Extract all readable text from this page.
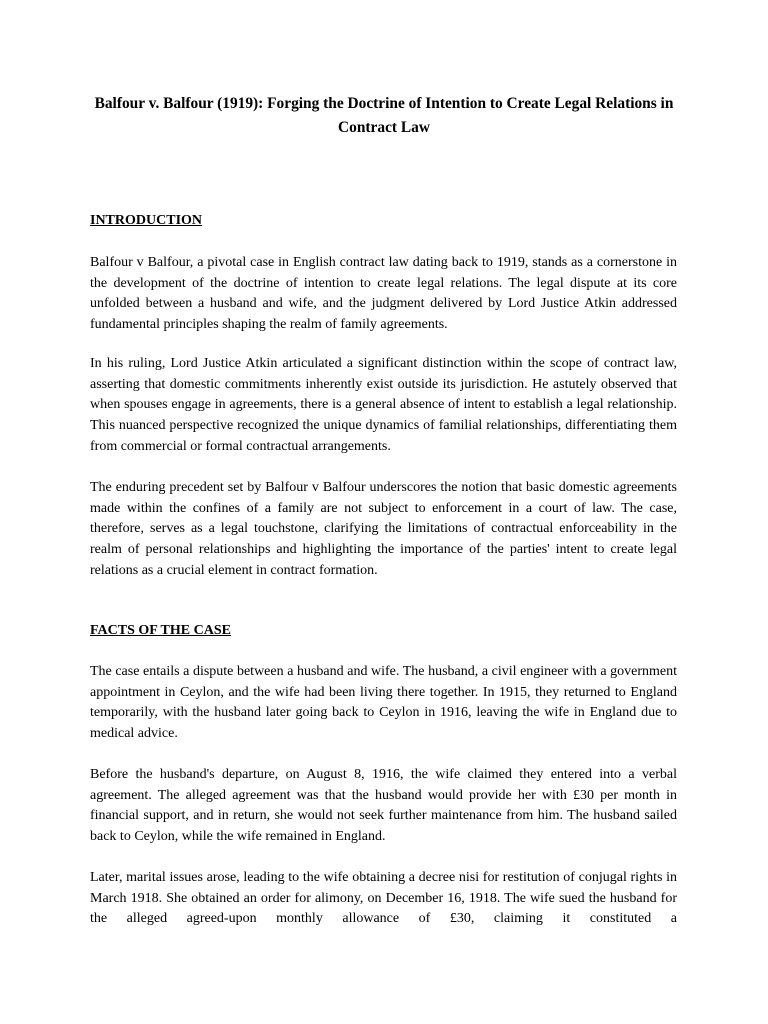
Balfour v. Balfour (1919): Forging the Doctrine of Intention to Create Legal Relations in Contract Law
INTRODUCTION

Balfour v Balfour, a pivotal case in English contract law dating back to 1919, stands as a cornerstone in the development of the doctrine of intention to create legal relations. The legal dispute at its core unfolded between a husband and wife, and the judgment delivered by Lord Justice Atkin addressed fundamental principles shaping the realm of family agreements.

In his ruling, Lord Justice Atkin articulated a significant distinction within the scope of contract law, asserting that domestic commitments inherently exist outside its jurisdiction. He astutely observed that when spouses engage in agreements, there is a general absence of intent to establish a legal relationship. This nuanced perspective recognized the unique dynamics of familial relationships, differentiating them from commercial or formal contractual arrangements.

The enduring precedent set by Balfour v Balfour underscores the notion that basic domestic agreements made within the confines of a family are not subject to enforcement in a court of law. The case, therefore, serves as a legal touchstone, clarifying the limitations of contractual enforceability in the realm of personal relationships and highlighting the importance of the parties' intent to create legal relations as a crucial element in contract formation.

FACTS OF THE CASE

The case entails a dispute between a husband and wife. The husband, a civil engineer with a government appointment in Ceylon, and the wife had been living there together. In 1915, they returned to England temporarily, with the husband later going back to Ceylon in 1916, leaving the wife in England due to medical advice.

Before the husband's departure, on August 8, 1916, the wife claimed they entered into a verbal agreement. The alleged agreement was that the husband would provide her with £30 per month in financial support, and in return, she would not seek further maintenance from him. The husband sailed back to Ceylon, while the wife remained in England.

Later, marital issues arose, leading to the wife obtaining a decree nisi for restitution of conjugal rights in March 1918. She obtained an order for alimony, on December 16, 1918. The wife sued the husband for the alleged agreed-upon monthly allowance of £30, claiming it constituted a
